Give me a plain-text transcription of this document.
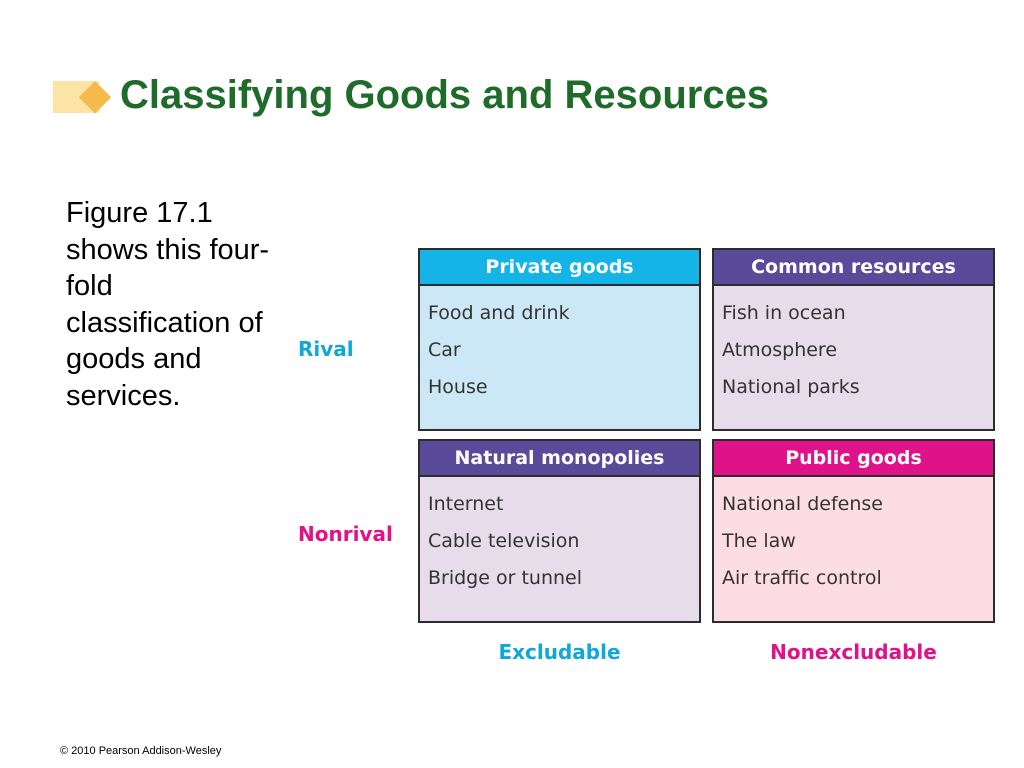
Classifying Goods and Resources

Figure 17.1 shows this four-fold classification of goods and services.

Rival
Nonrival
Private goods
Food and drink
Car
House
Common resources
Fish in ocean
Atmosphere
National parks
Natural monopolies
Internet
Cable television
Bridge or tunnel
Public goods
National defense
The law
Air traffic control
Excludable	Nonexcludable
© 2010 Pearson Addison-Wesley
